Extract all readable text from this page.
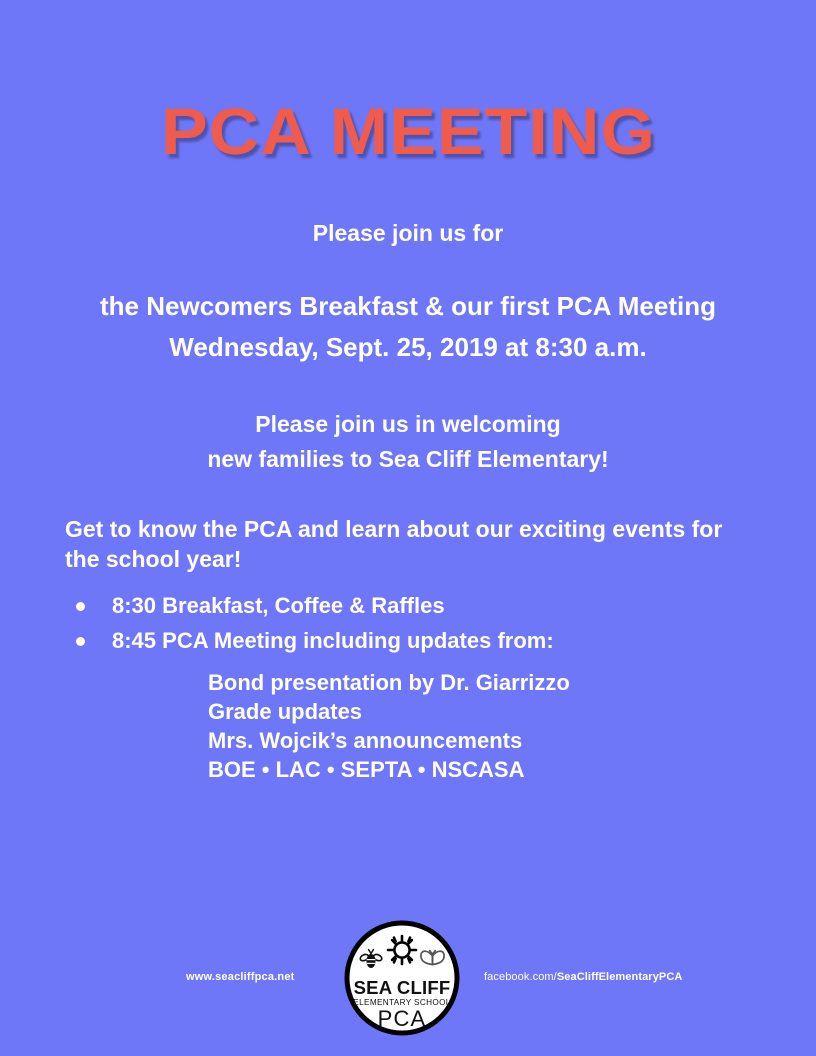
PCA MEETING
Please join us for
the Newcomers Breakfast & our first PCA Meeting
Wednesday, Sept. 25, 2019 at 8:30 a.m.
Please join us in welcoming
new families to Sea Cliff Elementary!
Get to know the PCA and learn about our exciting events for the school year!
8:30 Breakfast, Coffee & Raffles
8:45 PCA Meeting including updates from:
Bond presentation by Dr. Giarrizzo
Grade updates
Mrs. Wojcik’s announcements
BOE • LAC • SEPTA • NSCASA
www.seacliffpca.net	facebook.com/SeaCliffElementaryPCA
SEA CLIFF
ELEMENTARY SCHOOL
PCA
